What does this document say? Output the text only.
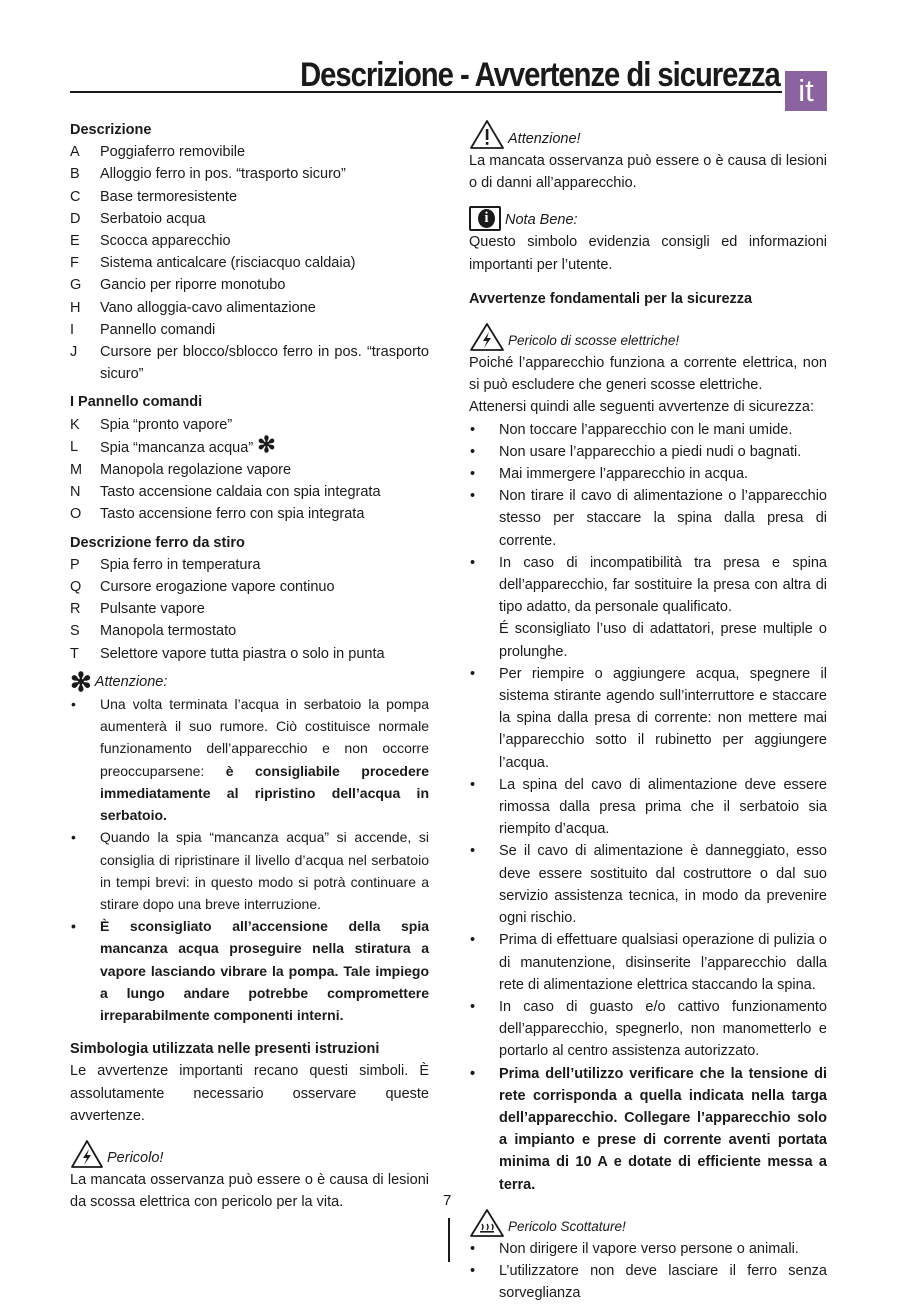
Descrizione - Avvertenze di sicurezza it

Descrizione

A	Poggiaferro removibile
B	Alloggio ferro in pos. “trasporto sicuro”
C	Base termoresistente
D	Serbatoio acqua
E	Scocca apparecchio
F	Sistema anticalcare (risciacquo caldaia)
G	Gancio per riporre monotubo
H	Vano alloggia-cavo alimentazione
I	Pannello comandi
J	Cursore per blocco/sblocco ferro in pos. “trasporto sicuro”

I Pannello comandi

K	Spia “pronto vapore”
L	Spia “mancanza acqua” ✻
M	Manopola regolazione vapore
N	Tasto accensione caldaia con spia integrata
O	Tasto accensione ferro con spia integrata

Descrizione ferro da stiro

P	Spia ferro in temperatura
Q	Cursore erogazione vapore continuo
R	Pulsante vapore
S	Manopola termostato
T	Selettore vapore tutta piastra o solo in punta
✻ Attenzione:
• Una volta terminata l’acqua in serbatoio la pompa aumenterà il suo rumore. Ciò costituisce normale funzionamento dell’apparecchio e non occorre preoccuparsene: è consigliabile procedere immediatamente al ripristino dell’acqua in serbatoio.
• Quando la spia “mancanza acqua” si accende, si consiglia di ripristinare il livello d’acqua nel serbatoio in tempi brevi: in questo modo si potrà continuare a stirare dopo una breve interruzione.
• È sconsigliato all’accensione della spia mancanza acqua proseguire nella stiratura a vapore lasciando vibrare la pompa. Tale impiego a lungo andare potrebbe compromettere irreparabilmente componenti interni.

Simbologia utilizzata nelle presenti istruzioni

Le avvertenze importanti recano questi simboli. È assolutamente necessario osservare queste avvertenze.

Pericolo!

La mancata osservanza può essere o è causa di lesioni da scossa elettrica con pericolo per la vita.

Attenzione!

La mancata osservanza può essere o è causa di lesioni o di danni all’apparecchio.

i	Nota Bene:

Questo simbolo evidenzia consigli ed informazioni importanti per l’utente.

Avvertenze fondamentali per la sicurezza

Pericolo di scosse elettriche!

Poiché l’apparecchio funziona a corrente elettrica, non si può escludere che generi scosse elettriche.

Attenersi quindi alle seguenti avvertenze di sicurezza:

• Non toccare l’apparecchio con le mani umide.
• Non usare l’apparecchio a piedi nudi o bagnati.
• Mai immergere l’apparecchio in acqua.
• Non tirare il cavo di alimentazione o l’apparecchio stesso per staccare la spina dalla presa di corrente.
• In caso di incompatibilità tra presa e spina dell’apparecchio, far sostituire la presa con altra di tipo adatto, da personale qualificato.
É sconsigliato l’uso di adattatori, prese multiple o prolunghe.
• Per riempire o aggiungere acqua, spegnere il sistema stirante agendo sull’interruttore e staccare la spina dalla presa di corrente: non mettere mai l’apparecchio sotto il rubinetto per aggiungere l’acqua.
• La spina del cavo di alimentazione deve essere rimossa dalla presa prima che il serbatoio sia riempito d’acqua.
• Se il cavo di alimentazione è danneggiato, esso deve essere sostituito dal costruttore o dal suo servizio assistenza tecnica, in modo da prevenire ogni rischio.
• Prima di effettuare qualsiasi operazione di pulizia o di manutenzione, disinserite l’apparecchio dalla rete di alimentazione elettrica staccando la spina.
• In caso di guasto e/o cattivo funzionamento dell’apparecchio, spegnerlo, non manometterlo e portarlo al centro assistenza autorizzato.
• Prima dell’utilizzo verificare che la tensione di rete corrisponda a quella indicata nella targa dell’apparecchio. Collegare l’apparecchio solo a impianto e prese di corrente aventi portata minima di 10 A e dotate di efficiente messa a terra.
Pericolo Scottature!
• Non dirigere il vapore verso persone o animali.
• L’utilizzatore non deve lasciare il ferro senza sorveglianza
7
